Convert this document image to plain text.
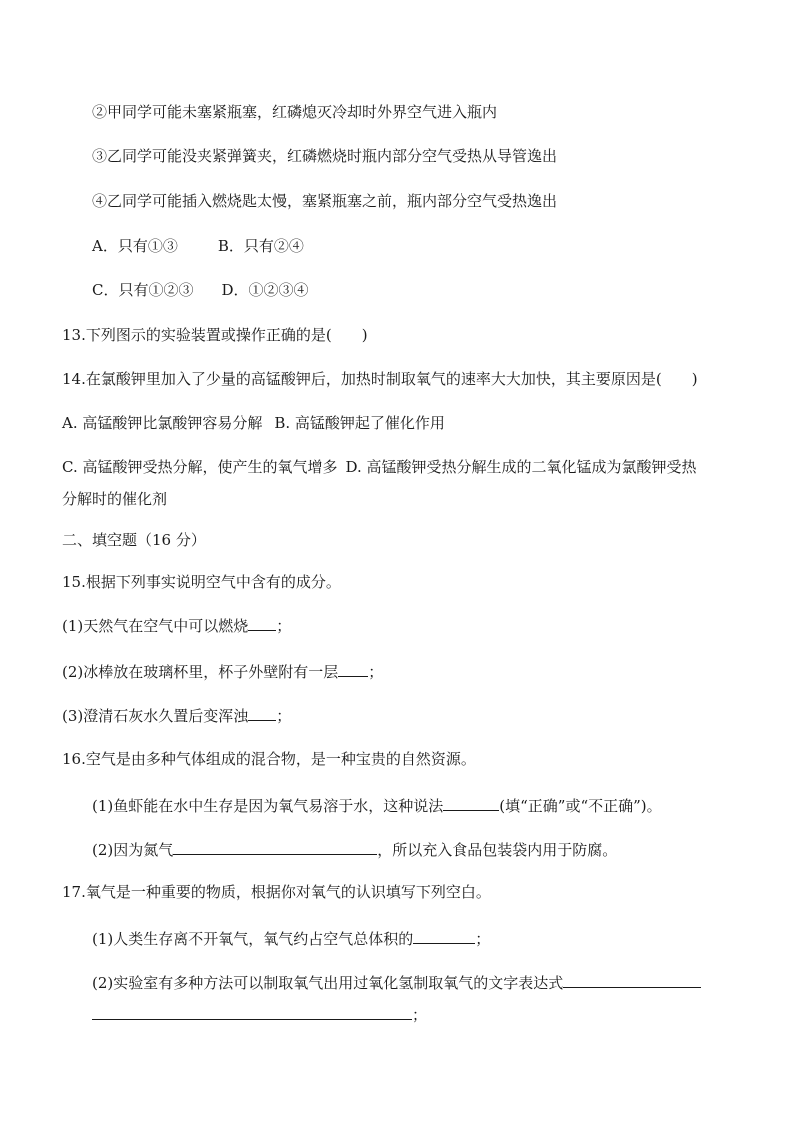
②甲同学可能未塞紧瓶塞，红磷熄灭冷却时外界空气进入瓶内
③乙同学可能没夹紧弹簧夹，红磷燃烧时瓶内部分空气受热从导管逸出
④乙同学可能插入燃烧匙太慢，塞紧瓶塞之前，瓶内部分空气受热逸出
A．只有①③	B．只有②④
C．只有①②③ D．①②③④
13.下列图示的实验装置或操作正确的是(　　)
14.在氯酸钾里加入了少量的高锰酸钾后，加热时制取氧气的速率大大加快，其主要原因是(　　)
A. 高锰酸钾比氯酸钾容易分解 B. 高锰酸钾起了催化作用
C. 高锰酸钾受热分解，使产生的氧气增多 D. 高锰酸钾受热分解生成的二氧化锰成为氯酸钾受热
分解时的催化剂
二、填空题（16 分）
15.根据下列事实说明空气中含有的成分。
(1)天然气在空气中可以燃烧 ；
(2)冰棒放在玻璃杯里，杯子外壁附有一层 ；
(3)澄清石灰水久置后变浑浊 ；
16.空气是由多种气体组成的混合物，是一种宝贵的自然资源。
(1)鱼虾能在水中生存是因为氧气易溶于水，这种说法	(填“正确”或“不正确”)。
(2)因为氮气	，所以充入食品包装袋内用于防腐。
17.氧气是一种重要的物质，根据你对氧气的认识填写下列空白。
(1)人类生存离不开氧气，氧气约占空气总体积的	；
(2)实验室有多种方法可以制取氧气出用过氧化氢制取氧气的文字表达式
；
